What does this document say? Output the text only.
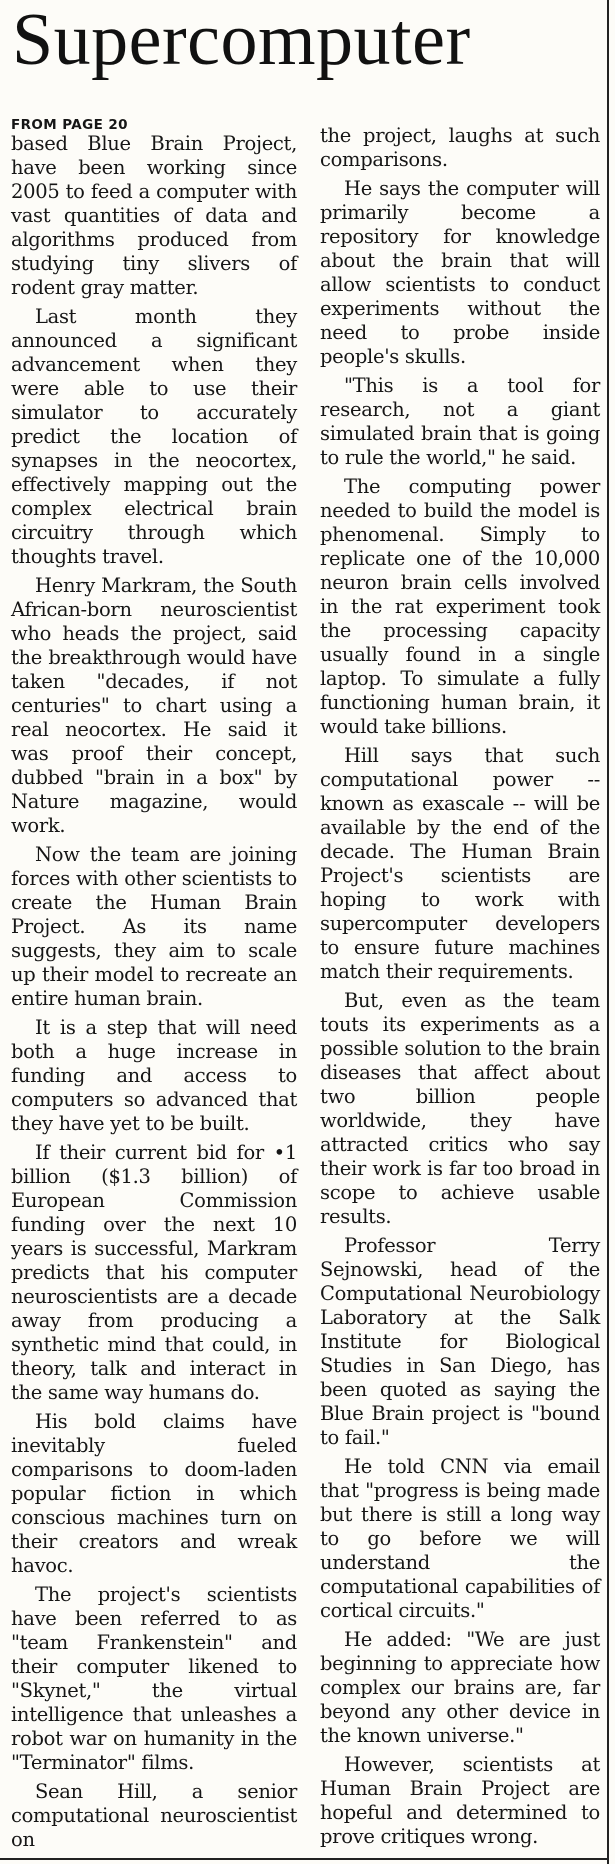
Supercomputer
FROM PAGE 20

based Blue Brain Project, have been working since 2005 to feed a computer with vast quantities of data and algorithms produced from studying tiny slivers of rodent gray matter.

Last month they announced a significant advancement when they were able to use their simulator to accurately predict the location of synapses in the neocortex, effectively mapping out the complex electrical brain circuitry through which thoughts travel.

Henry Markram, the South African-born neuroscientist who heads the project, said the breakthrough would have taken "decades, if not centuries" to chart using a real neocortex. He said it was proof their concept, dubbed "brain in a box" by Nature magazine, would work.

Now the team are joining forces with other scientists to create the Human Brain Project. As its name suggests, they aim to scale up their model to recreate an entire human brain.

It is a step that will need both a huge increase in funding and access to computers so advanced that they have yet to be built.

If their current bid for •1 billion ($1.3 billion) of European Commission funding over the next 10 years is successful, Markram predicts that his computer neuroscientists are a decade away from producing a synthetic mind that could, in theory, talk and interact in the same way humans do.

His bold claims have inevitably fueled comparisons to doom-laden popular fiction in which conscious machines turn on their creators and wreak havoc.

The project's scientists have been referred to as "team Frankenstein" and their computer likened to "Skynet," the virtual intelligence that unleashes a robot war on humanity in the "Terminator" films.

Sean Hill, a senior computational neuroscientist on

the project, laughs at such comparisons.

He says the computer will primarily become a repository for knowledge about the brain that will allow scientists to conduct experiments without the need to probe inside people's skulls.

"This is a tool for research, not a giant simulated brain that is going to rule the world," he said.

The computing power needed to build the model is phenomenal. Simply to replicate one of the 10,000 neuron brain cells involved in the rat experiment took the processing capacity usually found in a single laptop. To simulate a fully functioning human brain, it would take billions.

Hill says that such computational power -- known as exascale -- will be available by the end of the decade. The Human Brain Project's scientists are hoping to work with supercomputer developers to ensure future machines match their requirements.

But, even as the team touts its experiments as a possible solution to the brain diseases that affect about two billion people worldwide, they have attracted critics who say their work is far too broad in scope to achieve usable results.

Professor Terry Sejnowski, head of the Computational Neurobiology Laboratory at the Salk Institute for Biological Studies in San Diego, has been quoted as saying the Blue Brain project is "bound to fail."

He told CNN via email that "progress is being made but there is still a long way to go before we will understand the computational capabilities of cortical circuits."

He added: "We are just beginning to appreciate how complex our brains are, far beyond any other device in the known universe."

However, scientists at Human Brain Project are hopeful and determined to prove critiques wrong.
